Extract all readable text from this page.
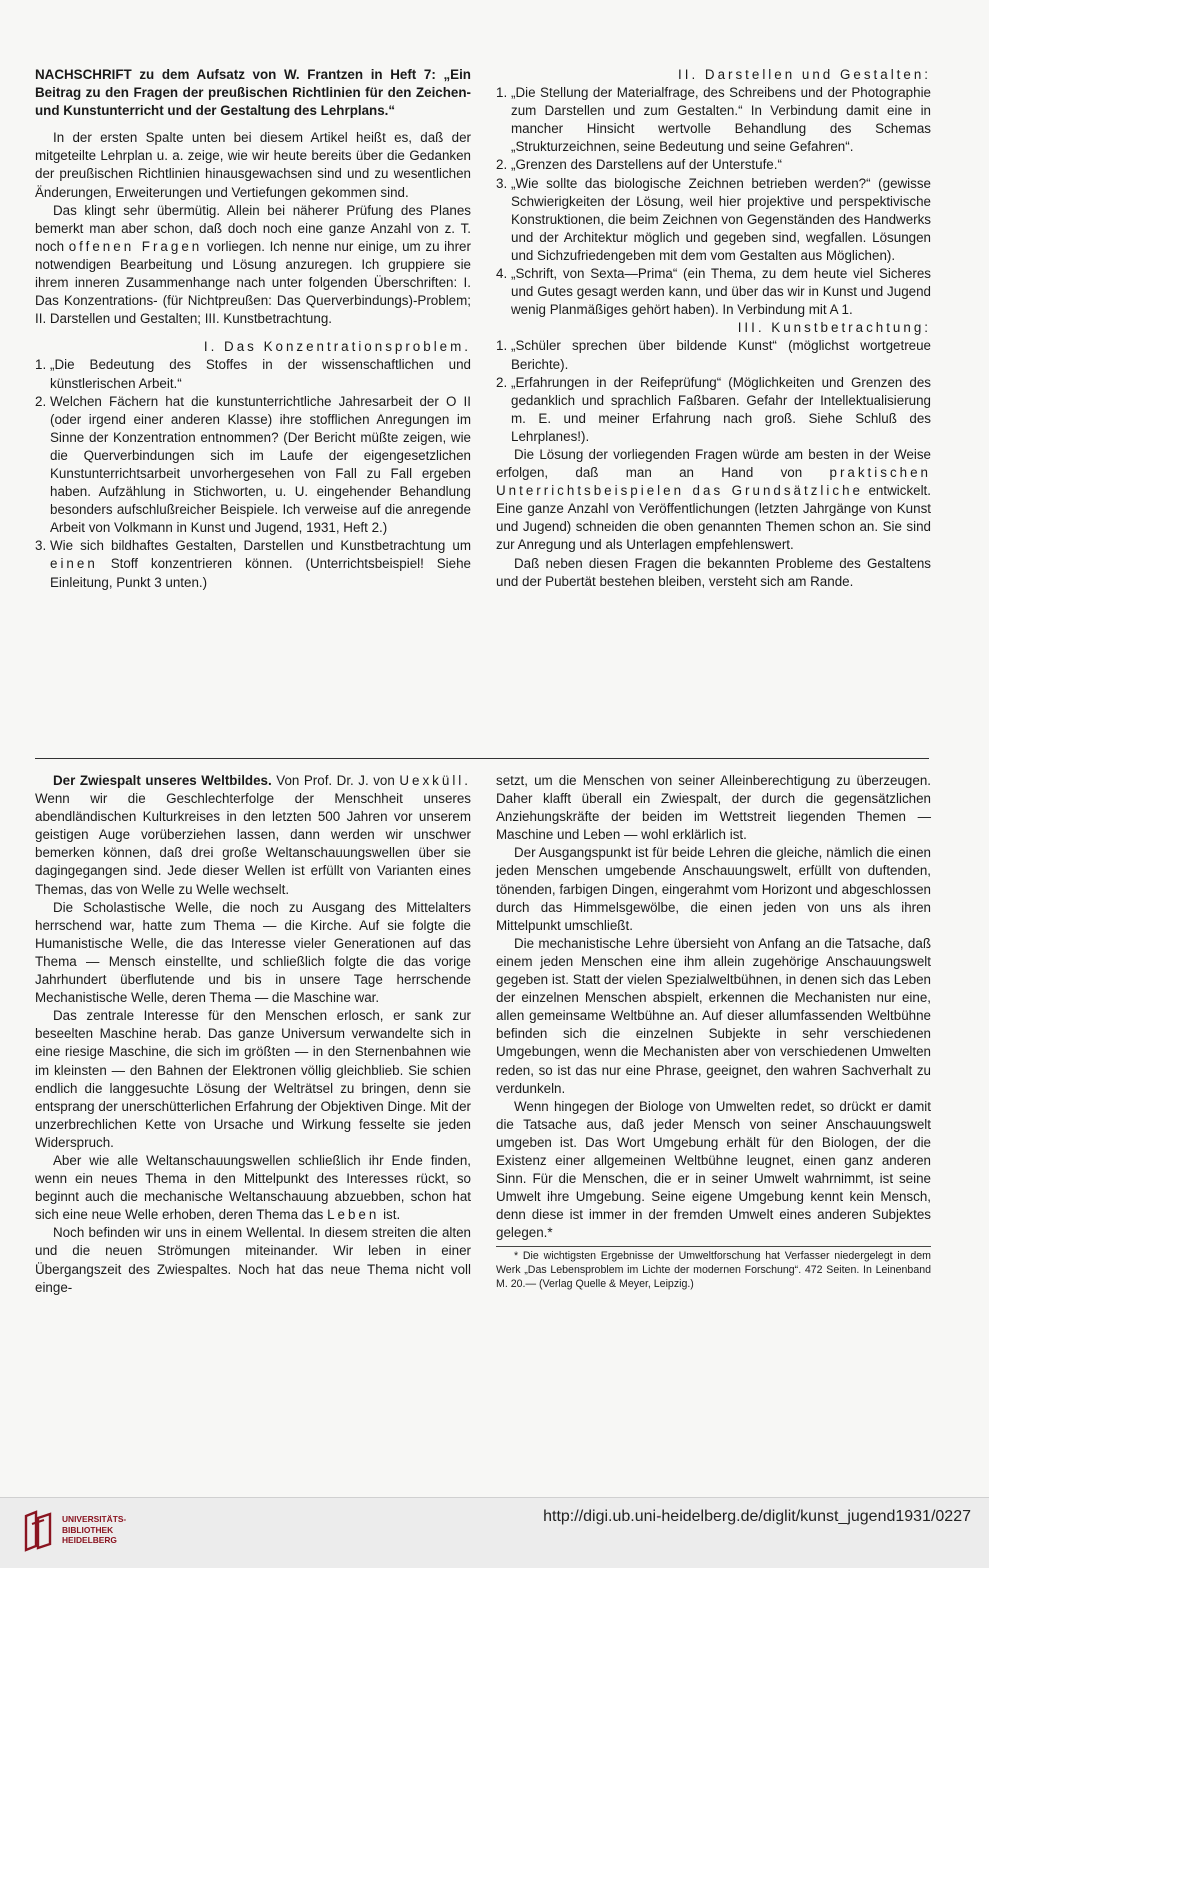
NACHSCHRIFT zu dem Aufsatz von W. Frantzen in Heft 7: „Ein Beitrag zu den Fragen der preußischen Richtlinien für den Zeichen- und Kunstunterricht und der Gestaltung des Lehrplans.“

In der ersten Spalte unten bei diesem Artikel heißt es, daß der mitgeteilte Lehrplan u. a. zeige, wie wir heute bereits über die Gedanken der preußischen Richtlinien hinausgewachsen sind und zu wesentlichen Änderungen, Erweiterungen und Vertiefungen gekommen sind.

Das klingt sehr übermütig. Allein bei näherer Prüfung des Planes bemerkt man aber schon, daß doch noch eine ganze Anzahl von z. T. noch offenen Fragen vorliegen. Ich nenne nur einige, um zu ihrer notwendigen Bearbeitung und Lösung anzuregen. Ich gruppiere sie ihrem inneren Zusammenhange nach unter folgenden Überschriften: I. Das Konzentrations- (für Nichtpreußen: Das Querverbindungs)-Problem; II. Darstellen und Gestalten; III. Kunstbetrachtung.

I. Das Konzentrationsproblem.

1. „Die Bedeutung des Stoffes in der wissenschaftlichen und künstlerischen Arbeit.“
2. Welchen Fächern hat die kunstunterrichtliche Jahresarbeit der O II (oder irgend einer anderen Klasse) ihre stofflichen Anregungen im Sinne der Konzentration entnommen? (Der Bericht müßte zeigen, wie die Querverbindungen sich im Laufe der eigengesetzlichen Kunstunterrichtsarbeit unvorhergesehen von Fall zu Fall ergeben haben. Aufzählung in Stichworten, u. U. eingehender Behandlung besonders aufschlußreicher Beispiele. Ich verweise auf die anregende Arbeit von Volkmann in Kunst und Jugend, 1931, Heft 2.)
3. Wie sich bildhaftes Gestalten, Darstellen und Kunstbetrachtung um einen Stoff konzentrieren können. (Unterrichtsbeispiel! Siehe Einleitung, Punkt 3 unten.)

II. Darstellen und Gestalten:

1. „Die Stellung der Materialfrage, des Schreibens und der Photographie zum Darstellen und zum Gestalten.“ In Verbindung damit eine in mancher Hinsicht wertvolle Behandlung des Schemas „Strukturzeichnen, seine Bedeutung und seine Gefahren“.
2. „Grenzen des Darstellens auf der Unterstufe.“
3. „Wie sollte das biologische Zeichnen betrieben werden?“ (gewisse Schwierigkeiten der Lösung, weil hier projektive und perspektivische Konstruktionen, die beim Zeichnen von Gegenständen des Handwerks und der Architektur möglich und gegeben sind, wegfallen. Lösungen und Sichzufriedengeben mit dem vom Gestalten aus Möglichen).
4. „Schrift, von Sexta—Prima“ (ein Thema, zu dem heute viel Sicheres und Gutes gesagt werden kann, und über das wir in Kunst und Jugend wenig Planmäßiges gehört haben). In Verbindung mit A 1.

III. Kunstbetrachtung:

1. „Schüler sprechen über bildende Kunst“ (möglichst wortgetreue Berichte).
2. „Erfahrungen in der Reifeprüfung“ (Möglichkeiten und Grenzen des gedanklich und sprachlich Faßbaren. Gefahr der Intellektualisierung m. E. und meiner Erfahrung nach groß. Siehe Schluß des Lehrplanes!).

Die Lösung der vorliegenden Fragen würde am besten in der Weise erfolgen, daß man an Hand von praktischen Unterrichtsbeispielen das Grundsätzliche entwickelt. Eine ganze Anzahl von Veröffentlichungen (letzten Jahrgänge von Kunst und Jugend) schneiden die oben genannten Themen schon an. Sie sind zur Anregung und als Unterlagen empfehlenswert.

Daß neben diesen Fragen die bekannten Probleme des Gestaltens und der Pubertät bestehen bleiben, versteht sich am Rande.

Der Zwiespalt unseres Weltbildes. Von Prof. Dr. J. von Uexküll. Wenn wir die Geschlechterfolge der Menschheit unseres abendländischen Kulturkreises in den letzten 500 Jahren vor unserem geistigen Auge vorüberziehen lassen, dann werden wir unschwer bemerken können, daß drei große Weltanschauungswellen über sie dagingegangen sind. Jede dieser Wellen ist erfüllt von Varianten eines Themas, das von Welle zu Welle wechselt.

Die Scholastische Welle, die noch zu Ausgang des Mittelalters herrschend war, hatte zum Thema — die Kirche. Auf sie folgte die Humanistische Welle, die das Interesse vieler Generationen auf das Thema — Mensch einstellte, und schließlich folgte die das vorige Jahrhundert überflutende und bis in unsere Tage herrschende Mechanistische Welle, deren Thema — die Maschine war.

Das zentrale Interesse für den Menschen erlosch, er sank zur beseelten Maschine herab. Das ganze Universum verwandelte sich in eine riesige Maschine, die sich im größten — in den Sternenbahnen wie im kleinsten — den Bahnen der Elektronen völlig gleichblieb. Sie schien endlich die langgesuchte Lösung der Welträtsel zu bringen, denn sie entsprang der unerschütterlichen Erfahrung der Objektiven Dinge. Mit der unzerbrechlichen Kette von Ursache und Wirkung fesselte sie jeden Widerspruch.

Aber wie alle Weltanschauungswellen schließlich ihr Ende finden, wenn ein neues Thema in den Mittelpunkt des Interesses rückt, so beginnt auch die mechanische Weltanschauung abzuebben, schon hat sich eine neue Welle erhoben, deren Thema das Leben ist.

Noch befinden wir uns in einem Wellental. In diesem streiten die alten und die neuen Strömungen miteinander. Wir leben in einer Übergangszeit des Zwiespaltes. Noch hat das neue Thema nicht voll einge-

setzt, um die Menschen von seiner Alleinberechtigung zu überzeugen. Daher klafft überall ein Zwiespalt, der durch die gegensätzlichen Anziehungskräfte der beiden im Wettstreit liegenden Themen — Maschine und Leben — wohl erklärlich ist.

Der Ausgangspunkt ist für beide Lehren die gleiche, nämlich die einen jeden Menschen umgebende Anschauungswelt, erfüllt von duftenden, tönenden, farbigen Dingen, eingerahmt vom Horizont und abgeschlossen durch das Himmelsgewölbe, die einen jeden von uns als ihren Mittelpunkt umschließt.

Die mechanistische Lehre übersieht von Anfang an die Tatsache, daß einem jeden Menschen eine ihm allein zugehörige Anschauungswelt gegeben ist. Statt der vielen Spezialweltbühnen, in denen sich das Leben der einzelnen Menschen abspielt, erkennen die Mechanisten nur eine, allen gemeinsame Weltbühne an. Auf dieser allumfassenden Weltbühne befinden sich die einzelnen Subjekte in sehr verschiedenen Umgebungen, wenn die Mechanisten aber von verschiedenen Umwelten reden, so ist das nur eine Phrase, geeignet, den wahren Sachverhalt zu verdunkeln.

Wenn hingegen der Biologe von Umwelten redet, so drückt er damit die Tatsache aus, daß jeder Mensch von seiner Anschauungswelt umgeben ist. Das Wort Umgebung erhält für den Biologen, der die Existenz einer allgemeinen Weltbühne leugnet, einen ganz anderen Sinn. Für die Menschen, die er in seiner Umwelt wahrnimmt, ist seine Umwelt ihre Umgebung. Seine eigene Umgebung kennt kein Mensch, denn diese ist immer in der fremden Umwelt eines anderen Subjektes gelegen.*

* Die wichtigsten Ergebnisse der Umweltforschung hat Verfasser niedergelegt in dem Werk „Das Lebensproblem im Lichte der modernen Forschung“. 472 Seiten. In Leinenband M. 20.— (Verlag Quelle & Meyer, Leipzig.)

UNIVERSITÄTS-
BIBLIOTHEK
HEIDELBERG
http://digi.ub.uni-heidelberg.de/diglit/kunst_jugend1931/0227
